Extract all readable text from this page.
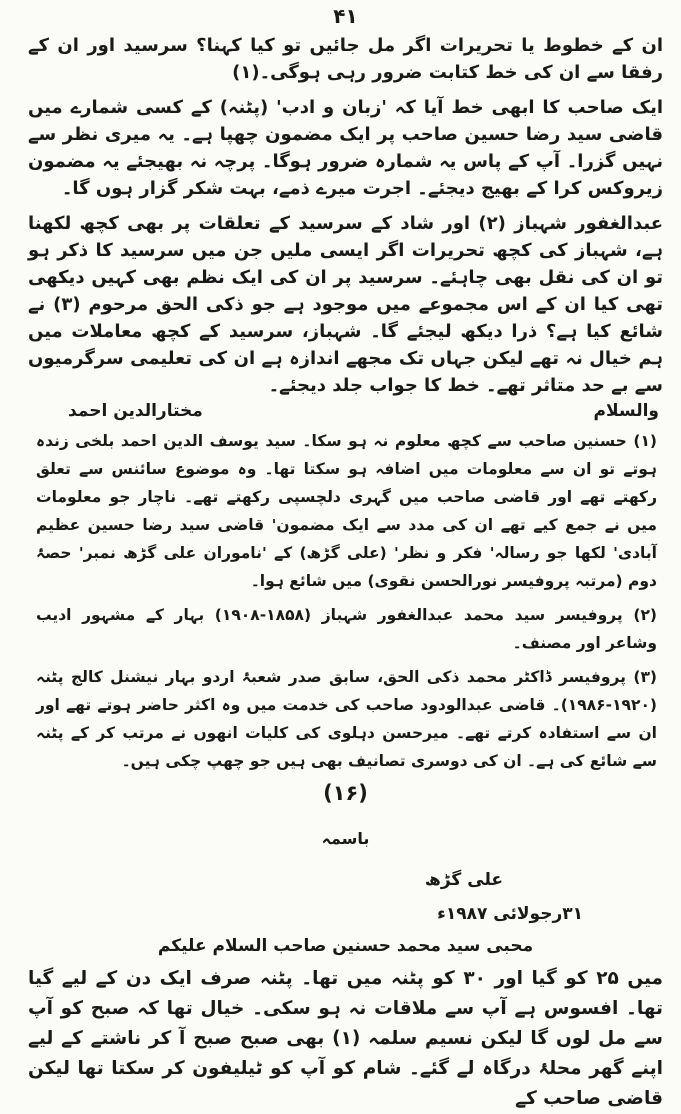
۴۱

ان کے خطوط یا تحریرات اگر مل جائیں تو کیا کہنا؟ سرسید اور ان کے رفقا سے ان کی خط کتابت ضرور رہی ہوگی۔(۱)

ایک صاحب کا ابھی خط آیا کہ 'زبان و ادب' (پٹنہ) کے کسی شمارے میں قاضی سید رضا حسین صاحب پر ایک مضمون چھپا ہے۔ یہ میری نظر سے نہیں گزرا۔ آپ کے پاس یہ شمارہ ضرور ہوگا۔ پرچہ نہ بھیجئے یہ مضمون زیروکس کرا کے بھیج دیجئے۔ اجرت میرے ذمے، بہت شکر گزار ہوں گا۔

عبدالغفور شہباز (۲) اور شاد کے سرسید کے تعلقات پر بھی کچھ لکھنا ہے، شہباز کی کچھ تحریرات اگر ایسی ملیں جن میں سرسید کا ذکر ہو تو ان کی نقل بھی چاہئے۔ سرسید پر ان کی ایک نظم بھی کہیں دیکھی تھی کیا ان کے اس مجموعے میں موجود ہے جو ذکی الحق مرحوم (۳) نے شائع کیا ہے؟ ذرا دیکھ لیجئے گا۔ شہباز، سرسید کے کچھ معاملات میں ہم خیال نہ تھے لیکن جہاں تک مجھے اندازہ ہے ان کی تعلیمی سرگرمیوں سے بے حد متاثر تھے۔ خط کا جواب جلد دیجئے۔

والسلام
مختارالدین احمد

(۱) حسنین صاحب سے کچھ معلوم نہ ہو سکا۔ سید یوسف الدین احمد بلخی زندہ ہوتے تو ان سے معلومات میں اضافہ ہو سکتا تھا۔ وہ موضوع سائنس سے تعلق رکھتے تھے اور قاضی صاحب میں گہری دلچسپی رکھتے تھے۔ ناچار جو معلومات میں نے جمع کیے تھے ان کی مدد سے ایک مضمون' قاضی سید رضا حسین عظیم آبادی' لکھا جو رسالہ' فکر و نظر' (علی گڑھ) کے 'ناموران علی گڑھ نمبر' حصۂ دوم (مرتبہ پروفیسر نورالحسن نقوی) میں شائع ہوا۔

(۲) پروفیسر سید محمد عبدالغفور شہباز (۱۸۵۸-۱۹۰۸) بہار کے مشہور ادیب وشاعر اور مصنف۔

(۳) پروفیسر ڈاکٹر محمد ذکی الحق، سابق صدر شعبۂ اردو بہار نیشنل کالج پٹنہ (۱۹۲۰-۱۹۸۶)۔ قاضی عبدالودود صاحب کی خدمت میں وہ اکثر حاضر ہوتے تھے اور ان سے استفادہ کرتے تھے۔ میرحسن دہلوی کی کلیات انھوں نے مرتب کر کے پٹنہ سے شائع کی ہے۔ ان کی دوسری تصانیف بھی ہیں جو چھپ چکی ہیں۔

(۱۶)
باسمہ
علی گڑھ
۳۱رجولائی ۱۹۸۷ء
محبی سید محمد حسنین صاحب السلام علیکم

میں ۲۵ کو گیا اور ۳۰ کو پٹنہ میں تھا۔ پٹنہ صرف ایک دن کے لیے گیا تھا۔ افسوس ہے آپ سے ملاقات نہ ہو سکی۔ خیال تھا کہ صبح کو آپ سے مل لوں گا لیکن نسیم سلمہ (۱) بھی صبح صبح آ کر ناشتے کے لیے اپنے گھر محلۂ درگاہ لے گئے۔ شام کو آپ کو ٹیلیفون کر سکتا تھا لیکن قاضی صاحب کے
